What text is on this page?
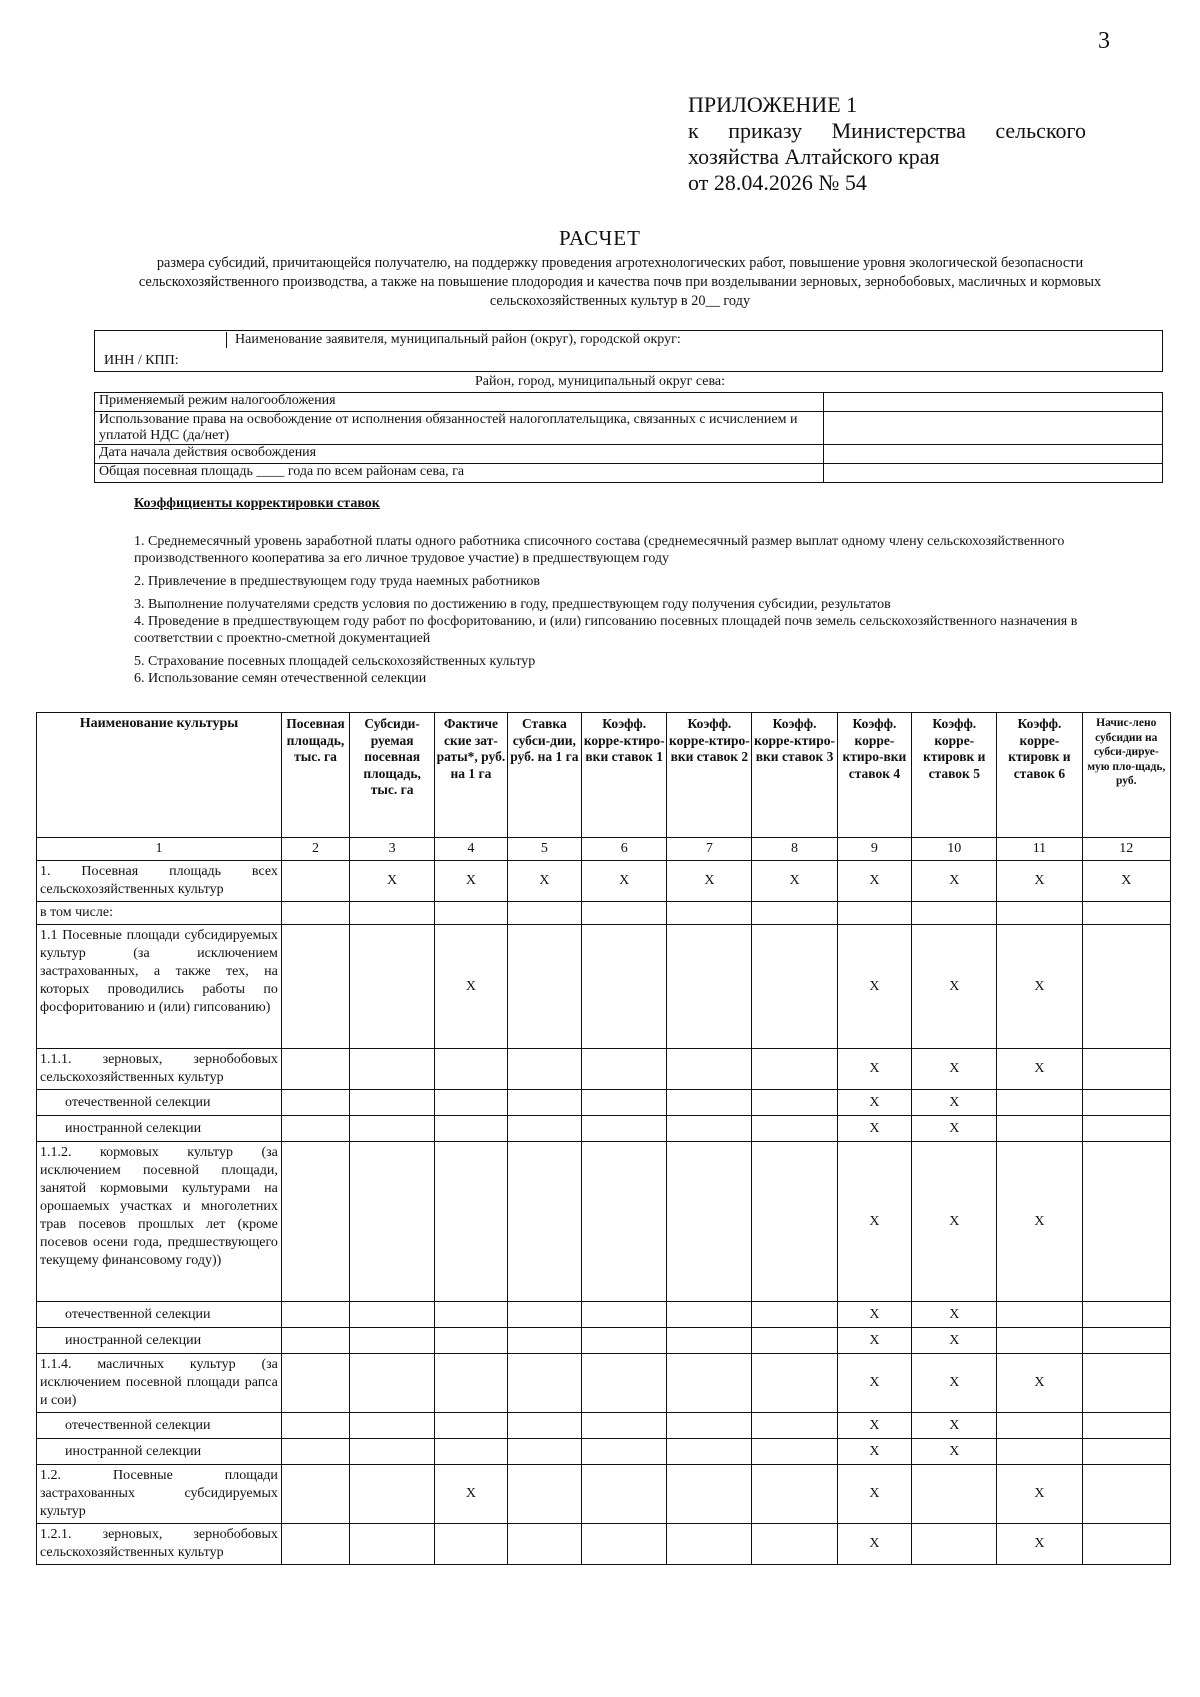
3
ПРИЛОЖЕНИЕ 1
к приказу Министерства сельского
хозяйства Алтайского края
от 28.04.2026 № 54
РАСЧЕТ
размера субсидий, причитающейся получателю, на поддержку проведения агротехнологических работ, повышение уровня экологической безопасности сельскохозяйственного производства, а также на повышение плодородия и качества почв при возделывании зерновых, зернобобовых, масличных и кормовых сельскохозяйственных культур в 20__ году
Наименование заявителя, муниципальный район (округ), городской округ:
ИНН / КПП:
Район, город, муниципальный округ сева:
Применяемый режим налогообложения	
Использование права на освобождение от исполнения обязанностей налогоплательщика, связанных с исчислением и уплатой НДС (да/нет)	
Дата начала действия освобождения	
Общая посевная площадь ____ года по всем районам сева, га	
Коэффициенты корректировки ставок
1. Среднемесячный уровень заработной платы одного работника списочного состава (среднемесячный размер выплат одному члену сельскохозяйственного производственного кооператива за его личное трудовое участие) в предшествующем году
2. Привлечение в предшествующем году труда наемных работников
3. Выполнение получателями средств условия по достижению в году, предшествующем году получения субсидии, результатов
4. Проведение в предшествующем году работ по фосфоритованию, и (или) гипсованию посевных площадей почв земель сельскохозяйственного назначения в соответствии с проектно-сметной документацией
5. Страхование посевных площадей сельскохозяйственных культур
6. Использование семян отечественной селекции
Наименование культуры	Посевная площадь, тыс. га	Субсиди-руемая посевная площадь, тыс. га	Фактиче ские зат-раты*, руб. на 1 га	Ставка субси-дии, руб. на 1 га	Коэфф. корре-ктиро-вки ставок 1	Коэфф. корре-ктиро-вки ставок 2	Коэфф. корре-ктиро-вки ставок 3	Коэфф. корре-ктиро-вки ставок 4	Коэфф. корре-ктировк и ставок 5	Коэфф. корре-ктировк и ставок 6	Начис-лено субсидии на субси-дируе-мую пло-щадь, руб.
1	2	3	4	5	6	7	8	9	10	11	12
1. Посевная площадь всех сельскохозяйственных культур		X	X	X	X	X	X	X	X	X	X
в том числе:											
1.1 Посевные площади субсидируемых культур (за исключением застрахованных, а также тех, на которых проводились работы по фосфоритованию и (или) гипсованию)			X					X	X	X	
1.1.1. зерновых, зернобобовых сельскохозяйственных культур								X	X	X	
отечественной селекции								X	X		
иностранной селекции								X	X		
1.1.2. кормовых культур (за исключением посевной площади, занятой кормовыми культурами на орошаемых участках и многолетних трав посевов прошлых лет (кроме посевов осени года, предшествующего текущему финансовому году))								X	X	X	
отечественной селекции								X	X		
иностранной селекции								X	X		
1.1.4. масличных культур (за исключением посевной площади рапса и сои)								X	X	X	
отечественной селекции								X	X		
иностранной селекции								X	X		
1.2. Посевные площади застрахованных субсидируемых культур			X					X		X	
1.2.1. зерновых, зернобобовых сельскохозяйственных культур								X		X	
